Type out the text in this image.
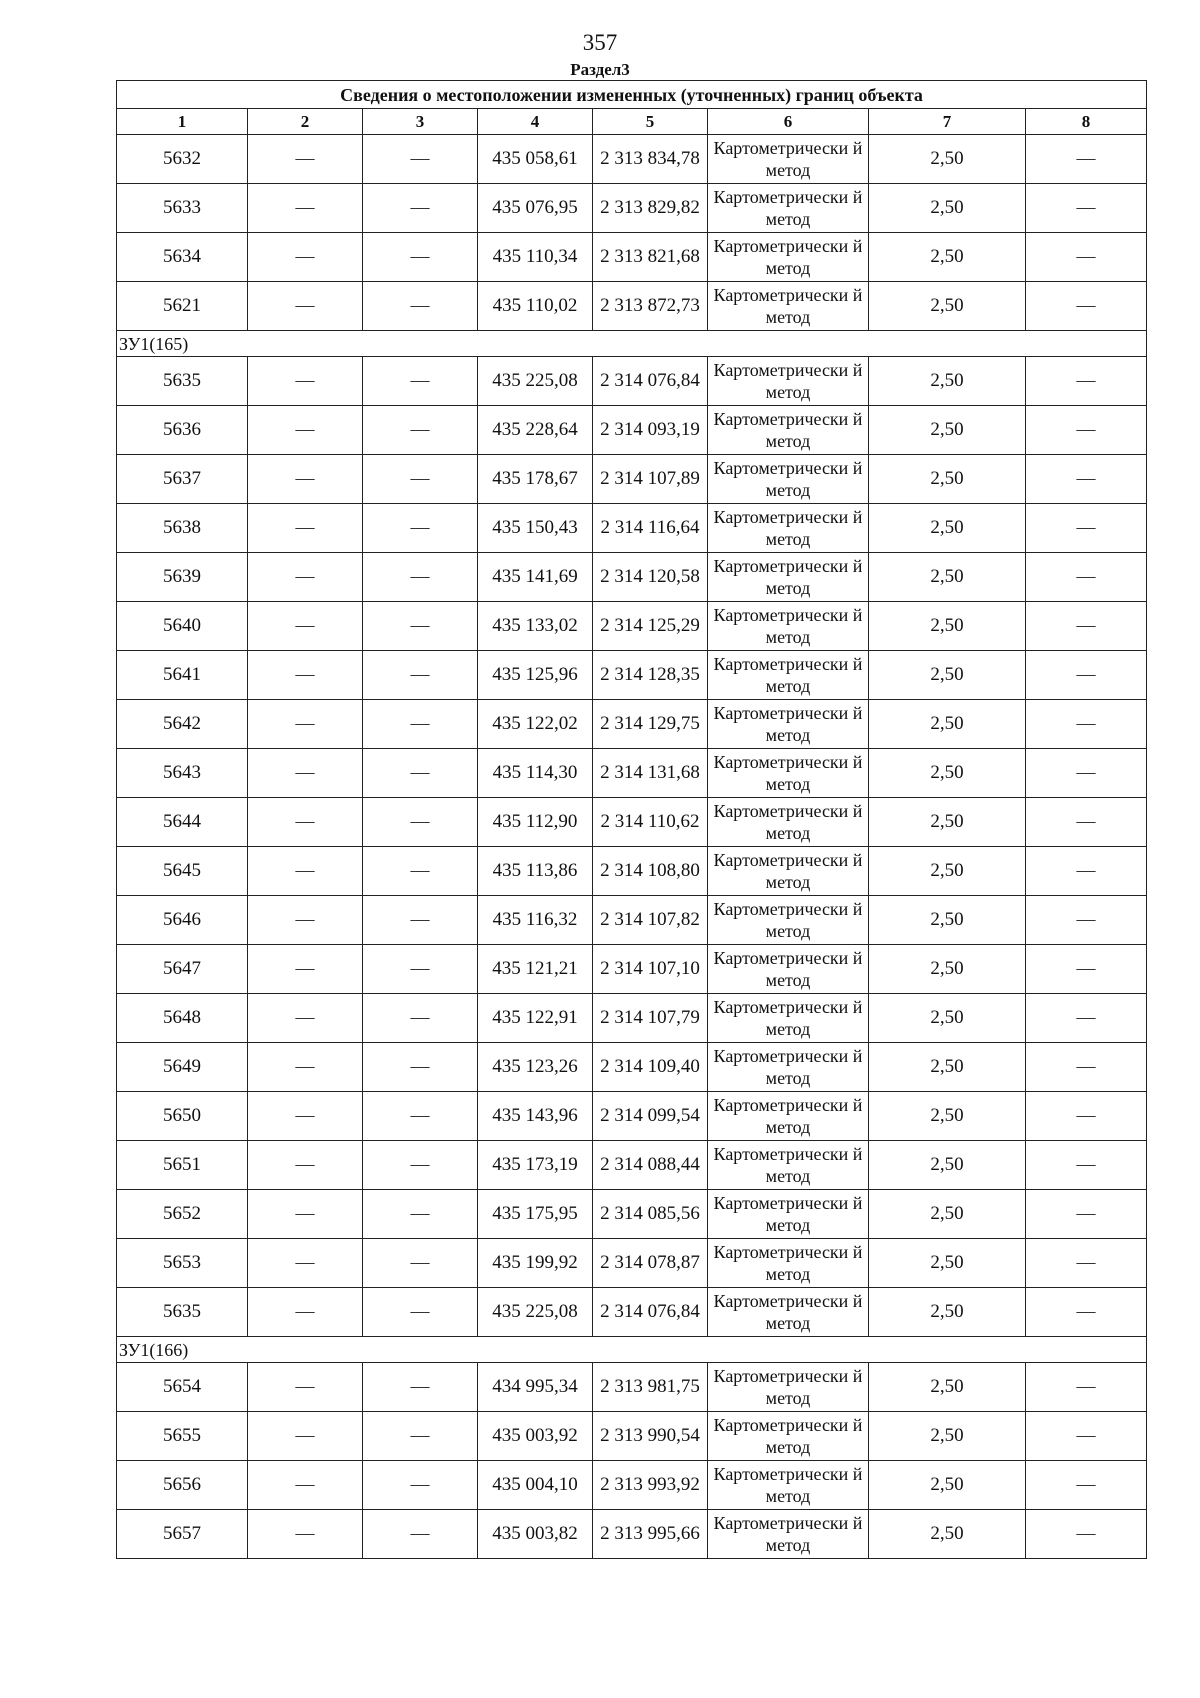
357
Раздел3
Сведения о местоположении измененных (уточненных) границ объекта							
1	2	3	4	5	6	7	8
5632	—	—	435 058,61	2 313 834,78	Картометрически й метод	2,50	—
5633	—	—	435 076,95	2 313 829,82	Картометрически й метод	2,50	—
5634	—	—	435 110,34	2 313 821,68	Картометрически й метод	2,50	—
5621	—	—	435 110,02	2 313 872,73	Картометрически й метод	2,50	—
ЗУ1(165)							
5635	—	—	435 225,08	2 314 076,84	Картометрически й метод	2,50	—
5636	—	—	435 228,64	2 314 093,19	Картометрически й метод	2,50	—
5637	—	—	435 178,67	2 314 107,89	Картометрически й метод	2,50	—
5638	—	—	435 150,43	2 314 116,64	Картометрически й метод	2,50	—
5639	—	—	435 141,69	2 314 120,58	Картометрически й метод	2,50	—
5640	—	—	435 133,02	2 314 125,29	Картометрически й метод	2,50	—
5641	—	—	435 125,96	2 314 128,35	Картометрически й метод	2,50	—
5642	—	—	435 122,02	2 314 129,75	Картометрически й метод	2,50	—
5643	—	—	435 114,30	2 314 131,68	Картометрически й метод	2,50	—
5644	—	—	435 112,90	2 314 110,62	Картометрически й метод	2,50	—
5645	—	—	435 113,86	2 314 108,80	Картометрически й метод	2,50	—
5646	—	—	435 116,32	2 314 107,82	Картометрически й метод	2,50	—
5647	—	—	435 121,21	2 314 107,10	Картометрически й метод	2,50	—
5648	—	—	435 122,91	2 314 107,79	Картометрически й метод	2,50	—
5649	—	—	435 123,26	2 314 109,40	Картометрически й метод	2,50	—
5650	—	—	435 143,96	2 314 099,54	Картометрически й метод	2,50	—
5651	—	—	435 173,19	2 314 088,44	Картометрически й метод	2,50	—
5652	—	—	435 175,95	2 314 085,56	Картометрически й метод	2,50	—
5653	—	—	435 199,92	2 314 078,87	Картометрически й метод	2,50	—
5635	—	—	435 225,08	2 314 076,84	Картометрически й метод	2,50	—
ЗУ1(166)							
5654	—	—	434 995,34	2 313 981,75	Картометрически й метод	2,50	—
5655	—	—	435 003,92	2 313 990,54	Картометрически й метод	2,50	—
5656	—	—	435 004,10	2 313 993,92	Картометрически й метод	2,50	—
5657	—	—	435 003,82	2 313 995,66	Картометрически й метод	2,50	—
